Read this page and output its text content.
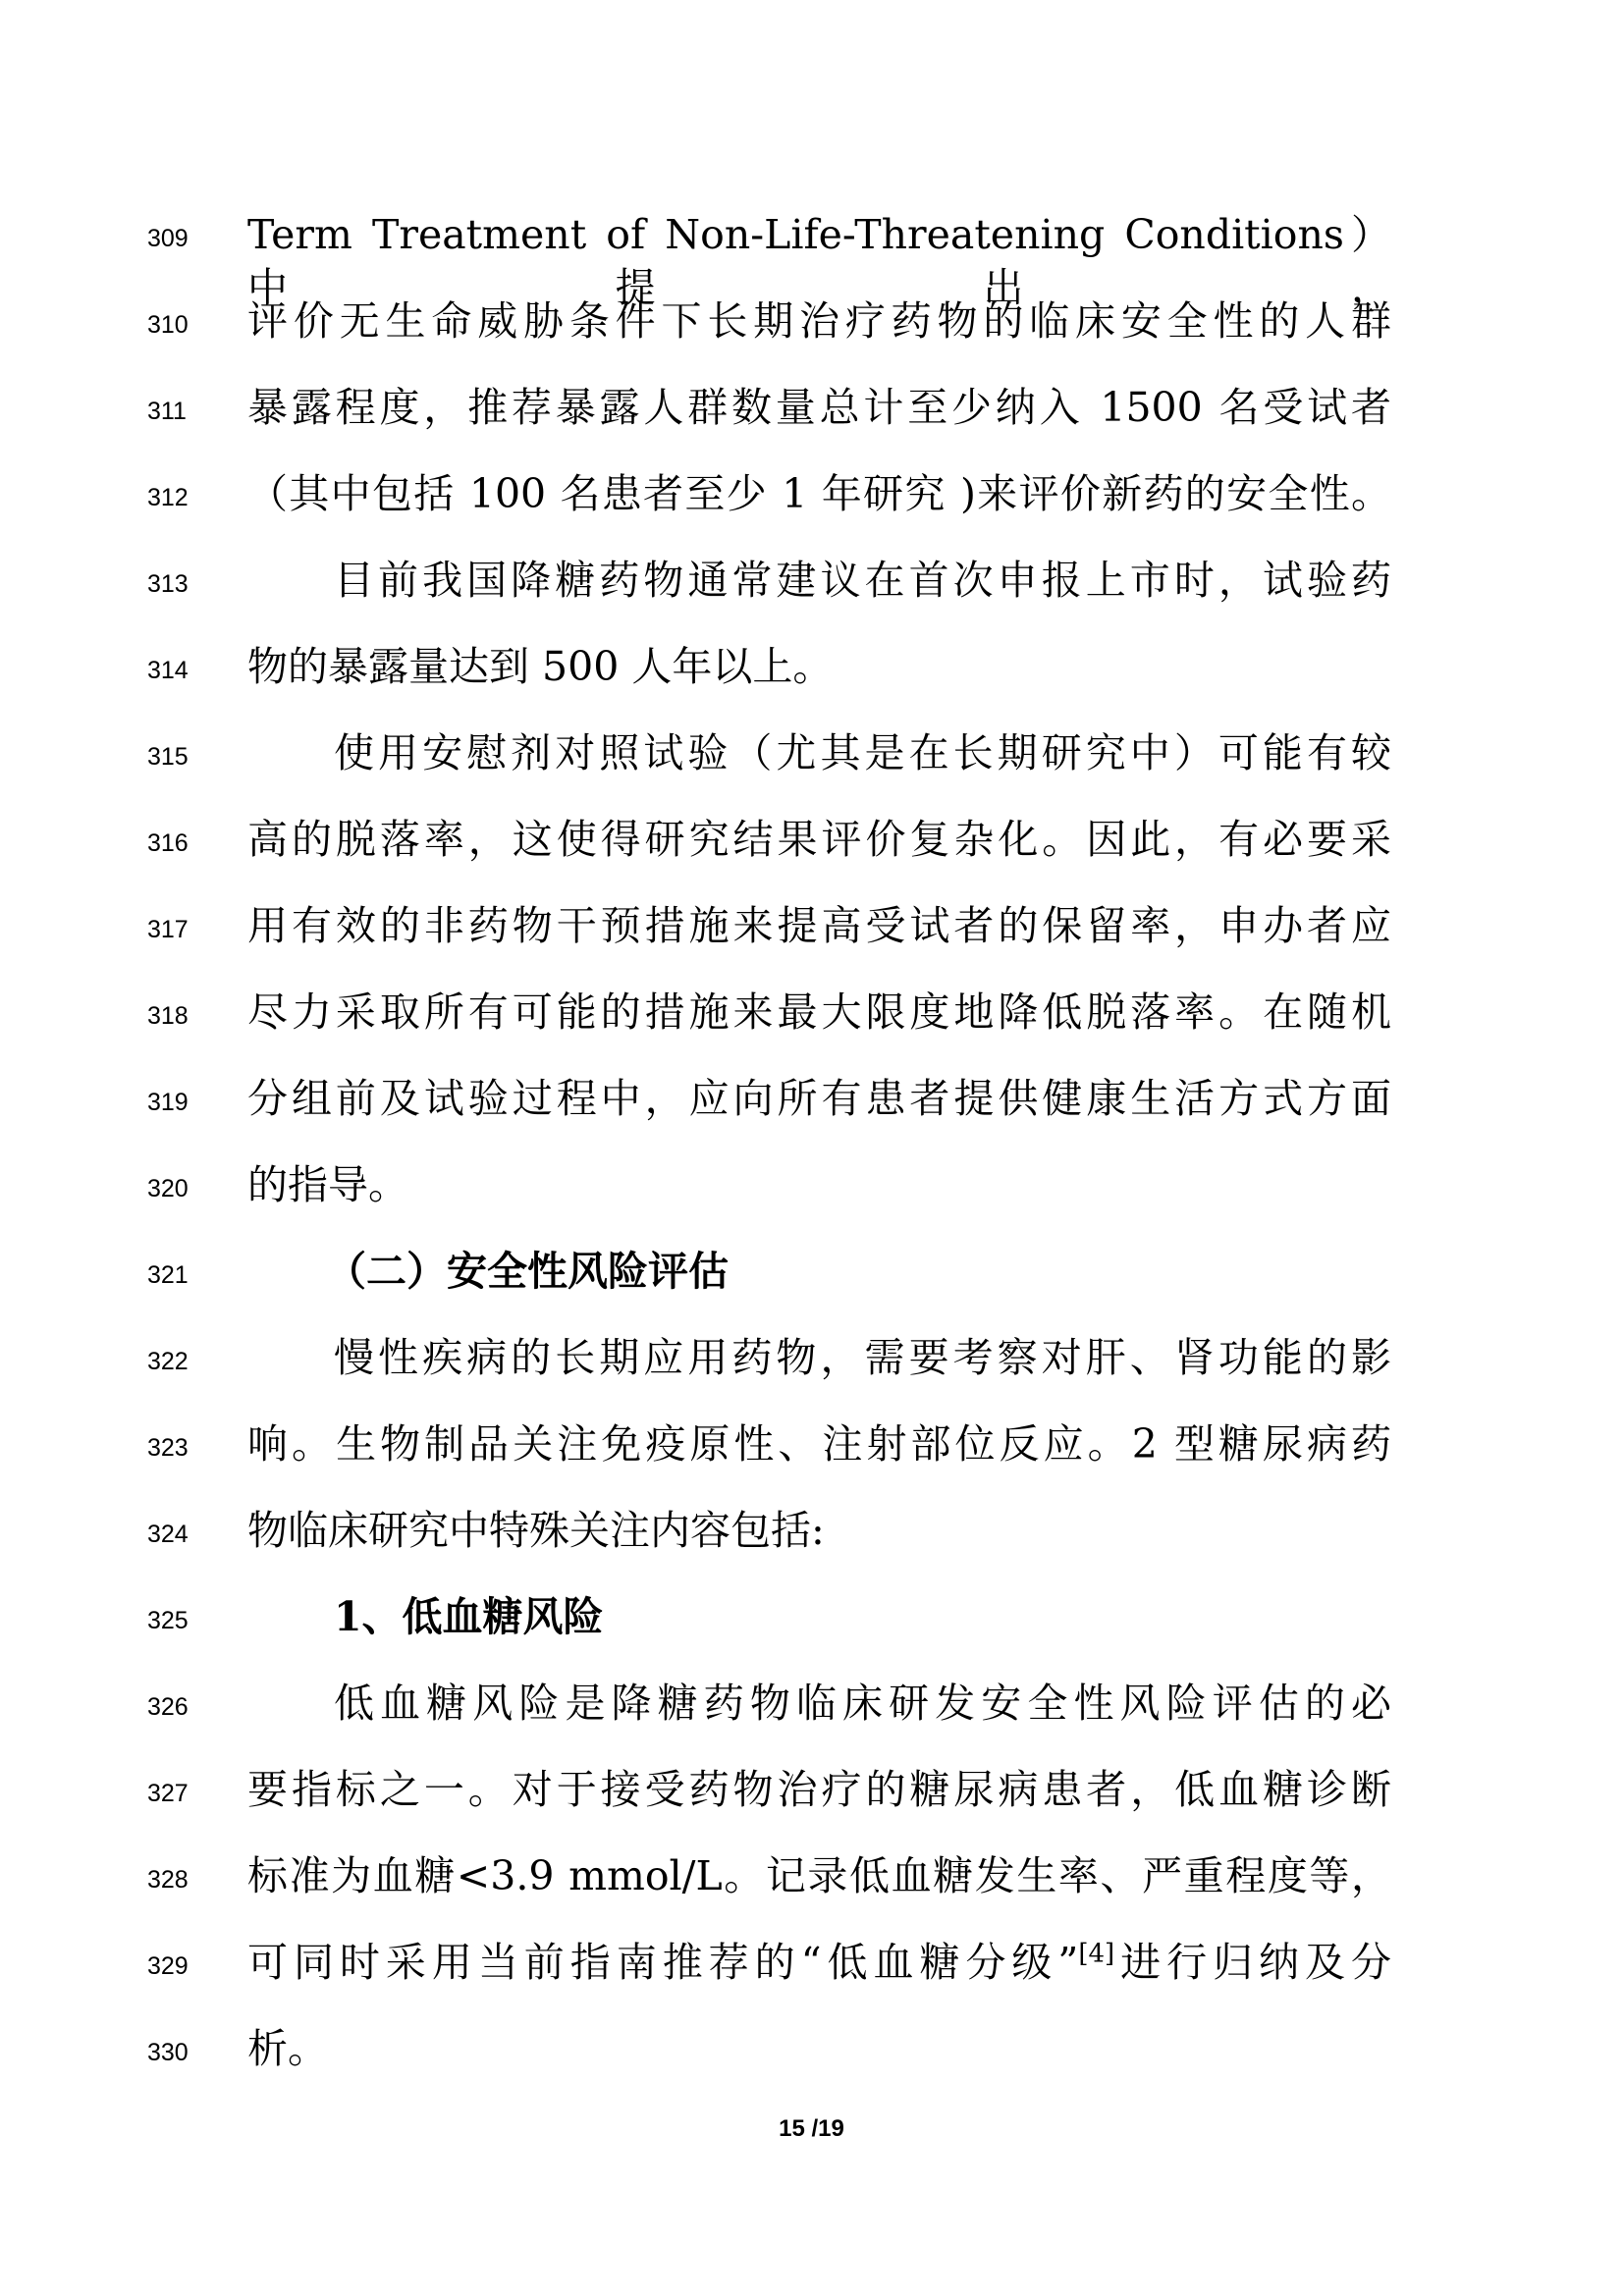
309	Term Treatment of Non-Life-Threatening Conditions）中提出，
310	评价无生命威胁条件下长期治疗药物的临床安全性的人群
311	暴露程度，推荐暴露人群数量总计至少纳入 1500 名受试者
312	（其中包括 100 名患者至少 1 年研究 )来评价新药的安全性。
313	目前我国降糖药物通常建议在首次申报上市时，试验药
314	物的暴露量达到 500 人年以上。
315	使用安慰剂对照试验（尤其是在长期研究中）可能有较
316	高的脱落率，这使得研究结果评价复杂化。因此，有必要采
317	用有效的非药物干预措施来提高受试者的保留率，申办者应
318	尽力采取所有可能的措施来最大限度地降低脱落率。在随机
319	分组前及试验过程中，应向所有患者提供健康生活方式方面
320	的指导。
321	（二）安全性风险评估
322	慢性疾病的长期应用药物，需要考察对肝、肾功能的影
323	响。生物制品关注免疫原性、注射部位反应。2 型糖尿病药
324	物临床研究中特殊关注内容包括:
325	1、低血糖风险
326	低血糖风险是降糖药物临床研发安全性风险评估的必
327	要指标之一。对于接受药物治疗的糖尿病患者，低血糖诊断
328	标准为血糖<3.9 mmol/L。记录低血糖发生率、严重程度等，
329	可同时采用当前指南推荐的“低血糖分级”[4]进行归纳及分
330	析。
15 /19
